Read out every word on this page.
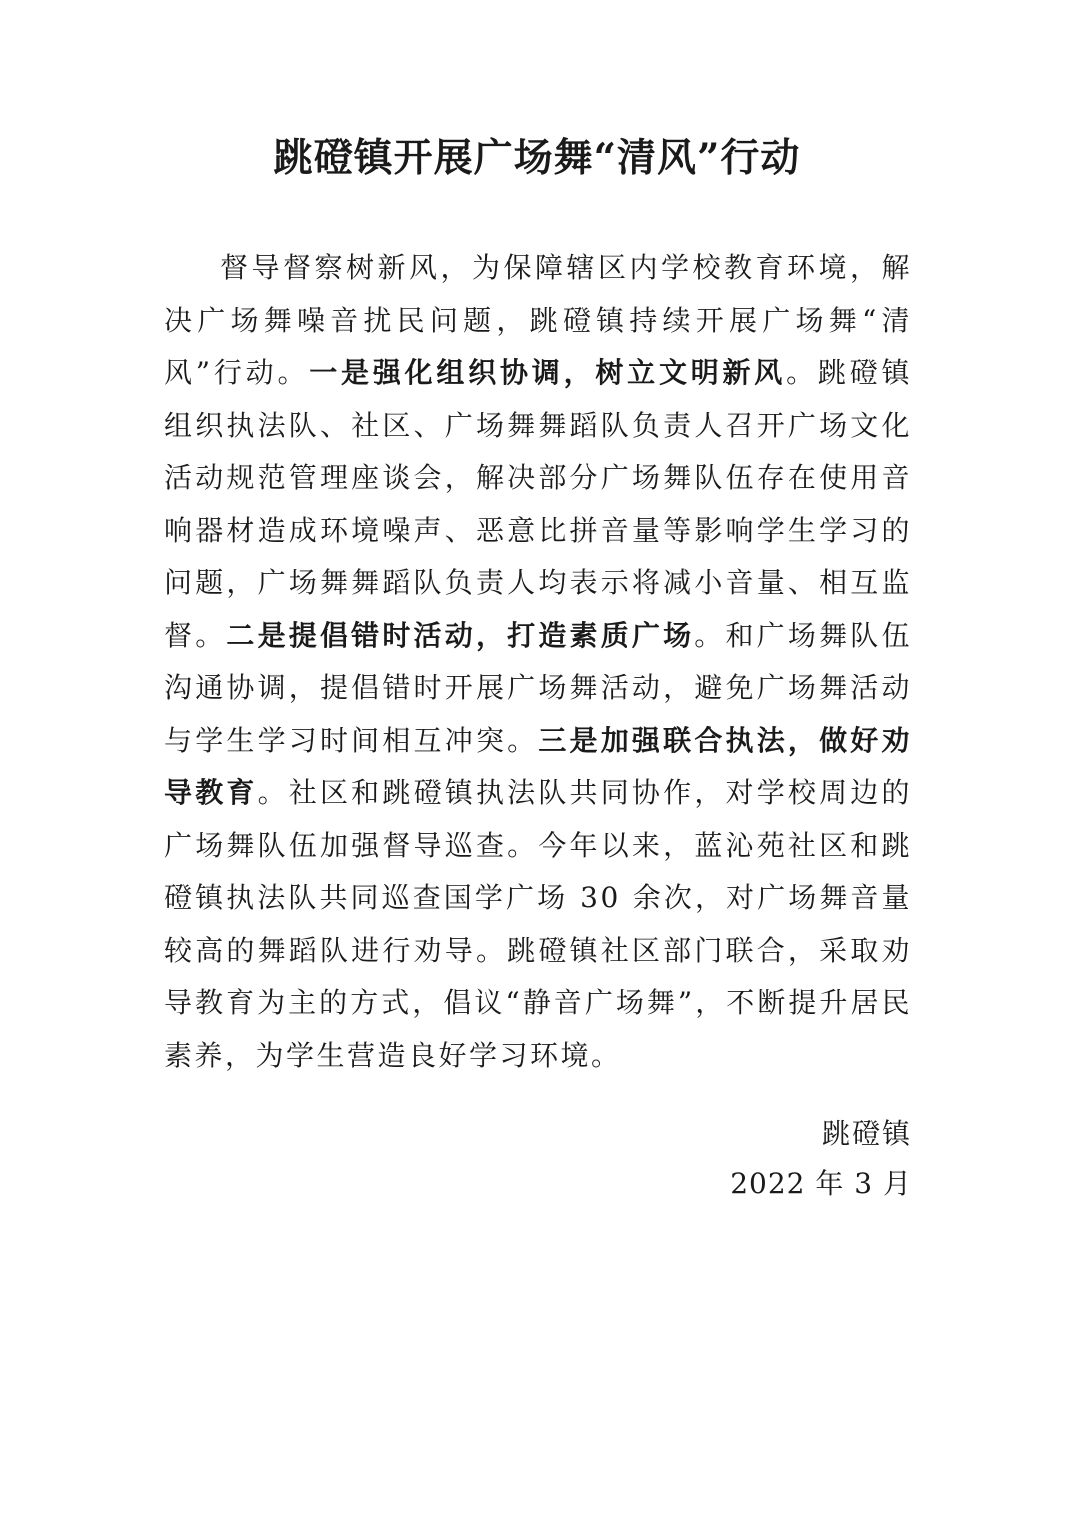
跳磴镇开展广场舞“清风”行动

督导督察树新风，为保障辖区内学校教育环境，解决广场舞噪音扰民问题，跳磴镇持续开展广场舞“清风”行动。一是强化组织协调，树立文明新风。跳磴镇组织执法队、社区、广场舞舞蹈队负责人召开广场文化活动规范管理座谈会，解决部分广场舞队伍存在使用音响器材造成环境噪声、恶意比拼音量等影响学生学习的问题，广场舞舞蹈队负责人均表示将减小音量、相互监督。二是提倡错时活动，打造素质广场。和广场舞队伍沟通协调，提倡错时开展广场舞活动，避免广场舞活动与学生学习时间相互冲突。三是加强联合执法，做好劝导教育。社区和跳磴镇执法队共同协作，对学校周边的广场舞队伍加强督导巡查。今年以来，蓝沁苑社区和跳磴镇执法队共同巡查国学广场 30 余次，对广场舞音量较高的舞蹈队进行劝导。跳磴镇社区部门联合，采取劝导教育为主的方式，倡议“静音广场舞”，不断提升居民素养，为学生营造良好学习环境。

跳磴镇
2022 年 3 月
